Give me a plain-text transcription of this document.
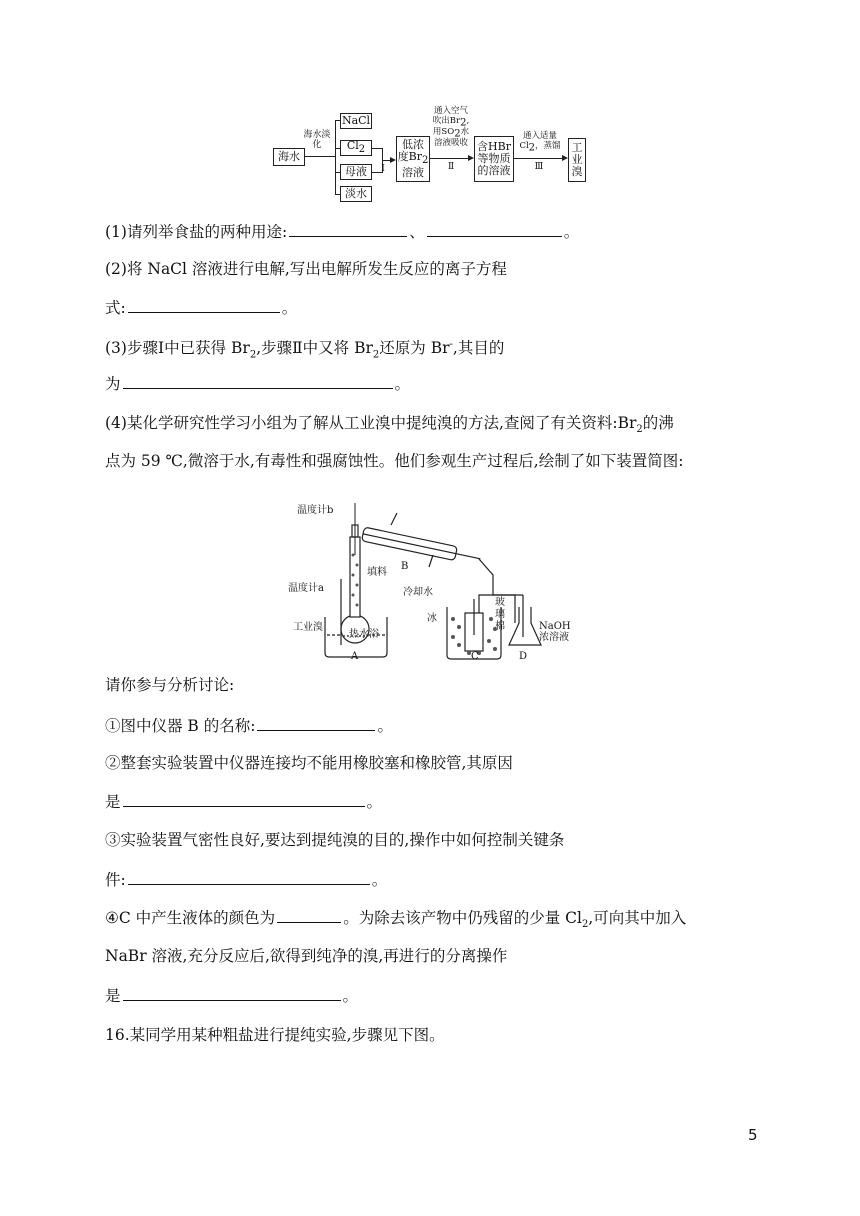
海水
海水淡化
NaCl
$Cl_2$
母液
淡水
Ⅰ
低浓
度$Br_2$
溶液
通入空气
吹出$Br_2$,
用$SO_2$水
溶液吸收
Ⅱ
含HBr
等物质
的溶液
通入适量
$Cl_2$，蒸馏
Ⅲ
工
业
溴
(1)请列举食盐的两种用途:	、	。
(2)将 NaCl 溶液进行电解,写出电解所发生反应的离子方程
式:	。
(3)步骤Ⅰ中已获得 $Br_2$,步骤Ⅱ中又将 $Br_2$还原为 Br-,其目的
为	。
(4)某化学研究性学习小组为了解从工业溴中提纯溴的方法,查阅了有关资料$:Br_2$的沸
点为 59 ℃,微溶于水,有毒性和强腐蚀性。他们参观生产过程后,绘制了如下装置简图:
温度计b
填料
B
温度计a	冷却水
工业溴
热水浴
冰
玻
璃
棉	NaOH
浓溶液
A	C	D
请你参与分析讨论:
①图中仪器 B 的名称:	。
②整套实验装置中仪器连接均不能用橡胶塞和橡胶管,其原因
是	。
③实验装置气密性良好,要达到提纯溴的目的,操作中如何控制关键条
件:	。
④C 中产生液体的颜色为	。为除去该产物中仍残留的少量 $Cl_2$,可向其中加入
NaBr 溶液,充分反应后,欲得到纯净的溴,再进行的分离操作
是	。
16.某同学用某种粗盐进行提纯实验,步骤见下图。
5
